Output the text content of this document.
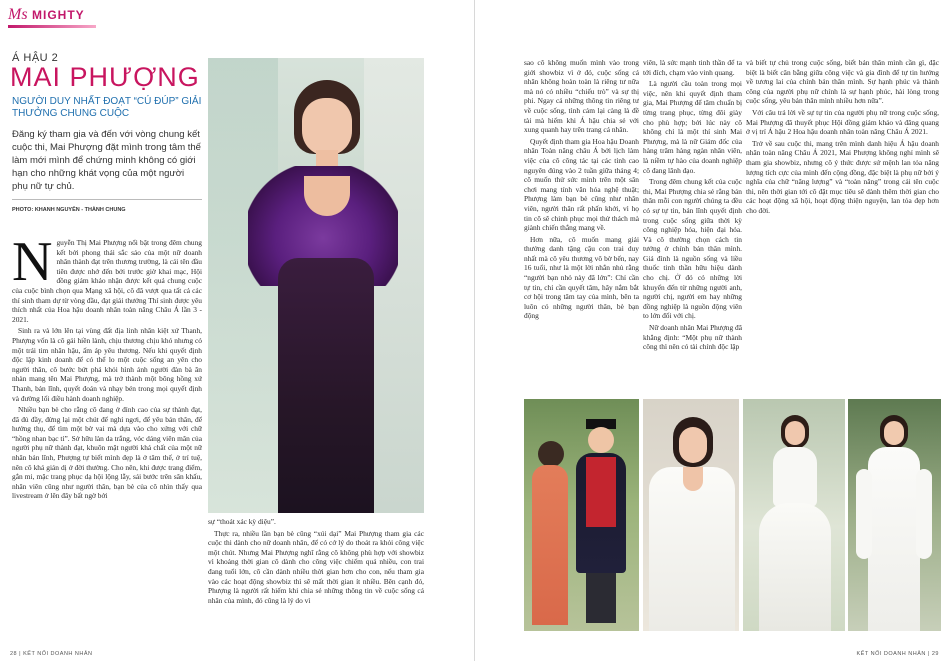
Ms MIGHTY
Á HẬU 2
MAI PHƯỢNG
NGƯỜI DUY NHẤT ĐOẠT “CÚ ĐÚP” GIẢI THƯỞNG CHUNG CUỘC
Đăng ký tham gia và đến với vòng chung kết cuộc thi, Mai Phượng đặt mình trong tâm thế làm mới mình để chứng minh không có giới hạn cho những khát vọng của một người phụ nữ tự chủ.
PHOTO: KHANH NGUYỄN - THÀNH CHUNG

Nguyễn Thị Mai Phượng nổi bật trong đêm chung kết bởi phong thái sắc sảo của một nữ doanh nhân thành đạt trên thương trường, là cái tên đầu tiên được nhớ đến bởi trước giờ khai mạc, Hội đồng giám khảo nhận được kết quả chung cuộc của cuộc bình chọn qua Mạng xã hội, cô đã vượt qua tất cả các thí sinh tham dự từ vòng đầu, đạt giải thưởng Thí sinh được yêu thích nhất của Hoa hậu doanh nhân toàn năng Châu Á lần 3 - 2021.

Sinh ra và lớn lên tại vùng đất địa linh nhân kiệt xứ Thanh, Phượng vốn là cô gái hiền lành, chịu thương chịu khó nhưng có một trái tim nhân hậu, ấm áp yêu thương. Nếu khi quyết định độc lập kinh doanh để có thể lo một cuộc sống an yên cho người thân, cô bước bứt phá khỏi hình ảnh người đàn bà ăn nhàn mang tên Mai Phượng, mà trở thành một bông hồng xứ Thanh, bản lĩnh, quyết đoán và nhạy bén trong mọi quyết định và đường lối điều hành doanh nghiệp.

Nhiều bạn bè cho rằng cô đang ở đỉnh cao của sự thành đạt, đã đủ đầy, đừng lại một chút để nghỉ ngơi, để yêu bản thân, để hưởng thụ, để tìm một bờ vai mà dựa vào cho xứng với chữ “hồng nhan bạc tỉ”. Sở hữu làn da trắng, vóc dáng viên mãn của người phụ nữ thành đạt, khuôn mặt người khả chất của một nữ nhân bản lĩnh, Phượng tự biết mình đẹp là ở tâm thế, ở trí tuệ, nên cô khá giản dị ở đời thường. Cho nên, khi được trang điểm, gắn mi, mặc trang phục dạ hội lộng lẫy, sải bước trên sân khấu, nhân viên cũng như người thân, bạn bè của cô nhìn thấy qua livestream ở lên đây bất ngờ bởi

sự “thoát xác kỳ diệu”.

Thực ra, nhiều lần bạn bè cũng “xúi dại” Mai Phượng tham gia các cuộc thi dành cho nữ doanh nhân, để có cớ lý do thoát ra khỏi công việc một chút. Nhưng Mai Phượng nghĩ rằng cô không phù hợp với showbiz vì khoảng thời gian cô dành cho công việc chiếm quá nhiều, con trai đang tuổi lớn, cô cần dành nhiều thời gian hơn cho con, nếu tham gia vào các hoạt động showbiz thì sẽ mất thời gian ít nhiều. Bên cạnh đó, Phượng là người rất hiếm khi chia sẻ những thông tin về cuộc sống cá nhân của mình, đó cũng là lý do vì

sao cô không muốn mình vào trong giới showbiz vì ở đó, cuộc sống cá nhân không hoàn toàn là riêng tư nữa mà nó có nhiều “chiếu trò” và sự thị phi. Ngay cả những thông tin riêng tư về cuộc sống, tình cảm lại càng là đề tài mà hiếm khi Á hậu chia sẻ với xung quanh hay trên trang cá nhân.

Quyết định tham gia Hoa hậu Doanh nhân Toàn năng châu Á bởi lịch làm việc của cô công tác tại các tỉnh cao nguyên đúng vào 2 tuần giữa tháng 4; cô muốn thử sức mình trên một sân chơi mang tính văn hóa nghệ thuật; Phượng làm bạn bè cũng như nhân viên, người thân rất phấn khởi, vì họ tin cô sẽ chinh phục mọi thử thách mà giành chiến thắng mang về.

Hơn nữa, cô muốn mang giải thưởng danh tặng cậu con trai duy nhất mà cô yêu thương vô bờ bến, nay 16 tuổi, như là một lời nhắn nhủ rằng “người bạn nhỏ này đã lớn”: Chỉ cần tự tin, chỉ cần quyết tâm, hãy nắm bắt cơ hội trong tâm tay của mình, bên ta luôn có những người thân, bè bạn động

viên, là sức mạnh tinh thần để ta tới đích, chạm vào vinh quang.

Là người cầu toàn trong mọi việc, nên khi quyết định tham gia, Mai Phượng để tâm chuẩn bị từng trang phục, từng đôi giày cho phù hợp; bởi lúc này cô không chỉ là một thí sinh Mai Phượng, mà là nữ Giám đốc của hàng trăm hàng ngàn nhân viên, là niềm tự hào của doanh nghiệp cô đang lãnh đạo.

Trong đêm chung kết của cuộc thi, Mai Phượng chia sẻ rằng bản thân mỗi con người chúng ta đều có sự tự tin, bản lĩnh quyết định trong cuộc sống giữa thời kỳ công nghiệp hóa, hiện đại hóa. Và cô thường chọn cách tin tưởng ở chính bản thân mình. Giá đình là nguồn sống và liều thuốc tinh thần hữu hiệu dành cho chị. Ở đó có những lời khuyến đến từ những người anh, người chị, người em hay những đồng nghiệp là nguồn động viên to lớn đối với chị.

Nữ doanh nhân Mai Phượng đã khẳng định: “Một phụ nữ thành công thì nên có tài chính độc lập

và biết tự chủ trong cuộc sống, biết bản thân mình cần gì, đặc biệt là biết cân bằng giữa công việc và gia đình để tự tin hướng về tương lai của chính bản thân mình. Sự hạnh phúc và thành công của người phụ nữ chính là sự hạnh phúc, hài lòng trong cuộc sống, yêu bản thân mình nhiều hơn nữa”.

Với câu trả lời về sự tự tin của người phụ nữ trong cuộc sống, Mai Phượng đã thuyết phục Hội đồng giám khảo và đăng quang ở vị trí Á hậu 2 Hoa hậu doanh nhân toàn năng Châu Á 2021.

Trở về sau cuộc thi, mang trên mình danh hiệu Á hậu doanh nhân toàn năng Châu Á 2021, Mai Phượng không nghỉ mình sẽ tham gia showbiz, nhưng cô ý thức được sứ mệnh lan tỏa năng lượng tích cực của mình đến cộng đồng, đặc biệt là phụ nữ bởi ý nghĩa của chữ “năng lượng” và “toàn năng” trong cái tên cuộc thi, nên thời gian tới cô đặt mục tiêu sẽ dành thêm thời gian cho các hoạt động xã hội, hoạt động thiện nguyện, lan tỏa đẹp hơn cho đời.

28 | KẾT NỐI DOANH NHÂN	KẾT NỐI DOANH NHÂN | 29
